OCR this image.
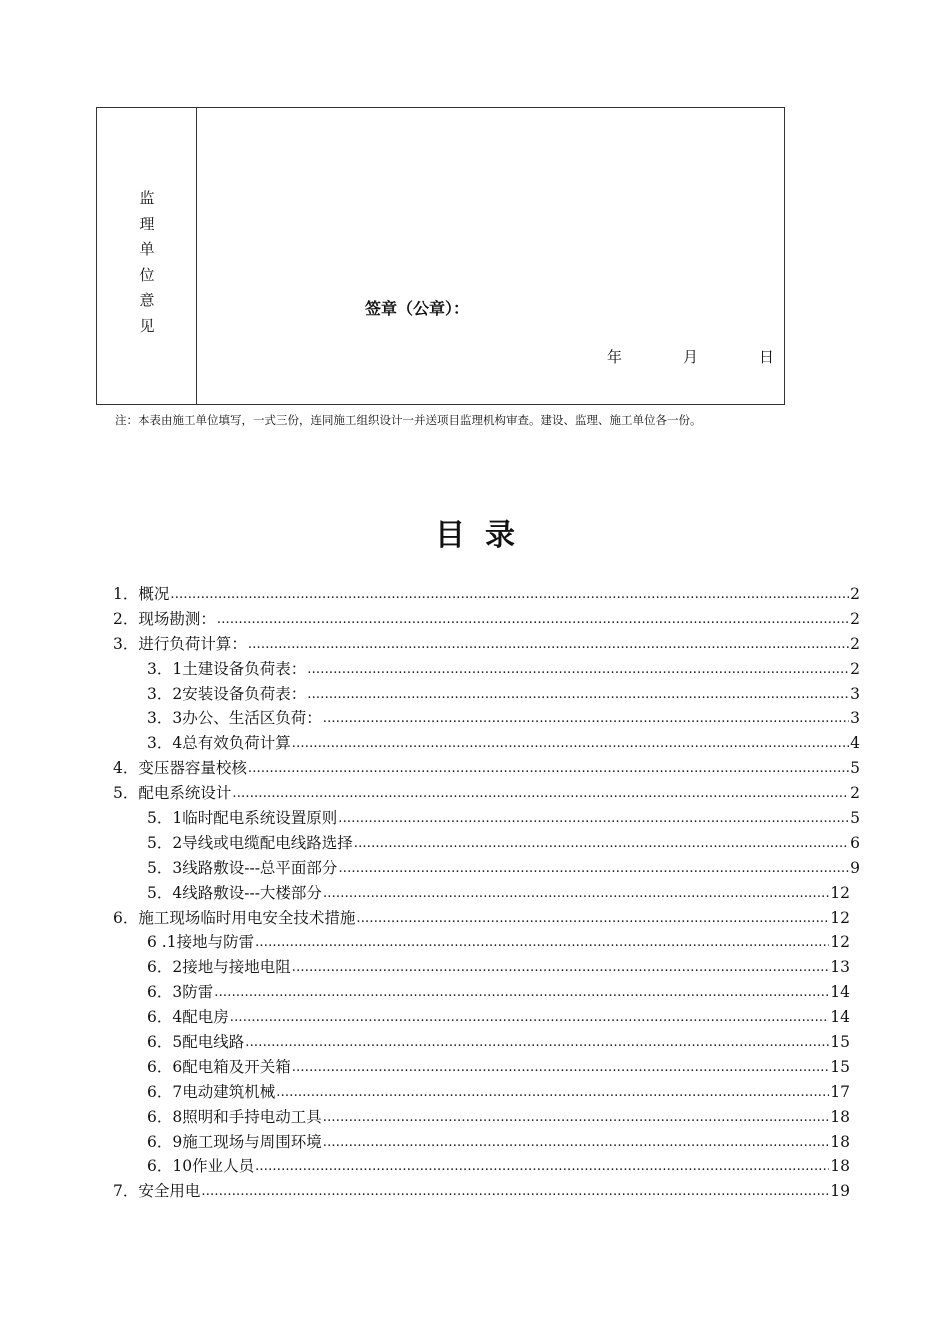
监
理
单
位
意
见
签章（公章）：
年	月	日
注：本表由施工单位填写，一式三份，连同施工组织设计一并送项目监理机构审查。建设、监理、施工单位各一份。
目录
1．概况 .....	2
2．现场勘测： .....	2
3．进行负荷计算： .....	2
3．1土建设备负荷表： .....	2
3．2安装设备负荷表： .....	3
3．3办公、生活区负荷： .....	3
3．4总有效负荷计算 .....	4
4．变压器容量校核 .....	5
5．配电系统设计 .....	2
5．1临时配电系统设置原则 .....	5
5．2导线或电缆配电线路选择 .....	6
5．3线路敷设---总平面部分 .....	9
5．4线路敷设---大楼部分 .....	12
6．施工现场临时用电安全技术措施 .....	12
6 .1接地与防雷 .....	12
6．2接地与接地电阻 .....	13
6．3防雷 .....	14
6．4配电房 .....	14
6．5配电线路 .....	15
6．6配电箱及开关箱 .....	15
6．7电动建筑机械 .....	17
6．8照明和手持电动工具 .....	18
6．9施工现场与周围环境 .....	18
6．10作业人员 .....	18
7．安全用电 .....	19
